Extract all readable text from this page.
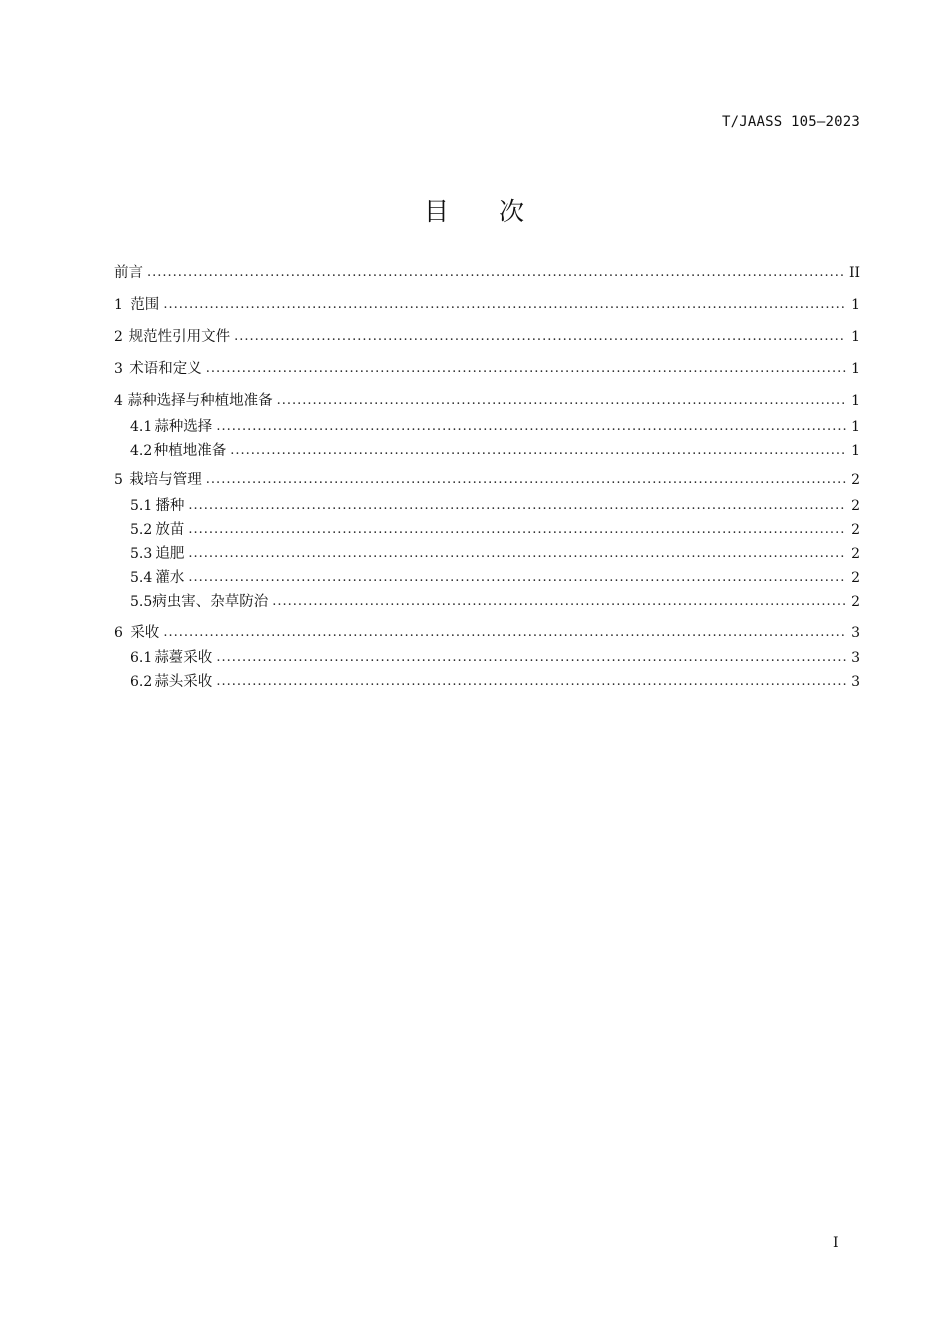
T/JAASS 105—2023
目 次
前言 .....	II
1 范围 .....	1
2 规范性引用文件 .....	1
3 术语和定义 .....	1
4 蒜种选择与种植地准备 .....	1
4.1 蒜种选择 .....	1
4.2 种植地准备 .....	1
5 栽培与管理 .....	2
5.1 播种 .....	2
5.2 放苗 .....	2
5.3 追肥 .....	2
5.4 灌水 .....	2
5.5 病虫害、杂草防治 .....	2
6 采收 .....	3
6.1 蒜薹采收 .....	3
6.2 蒜头采收 .....	3
I
